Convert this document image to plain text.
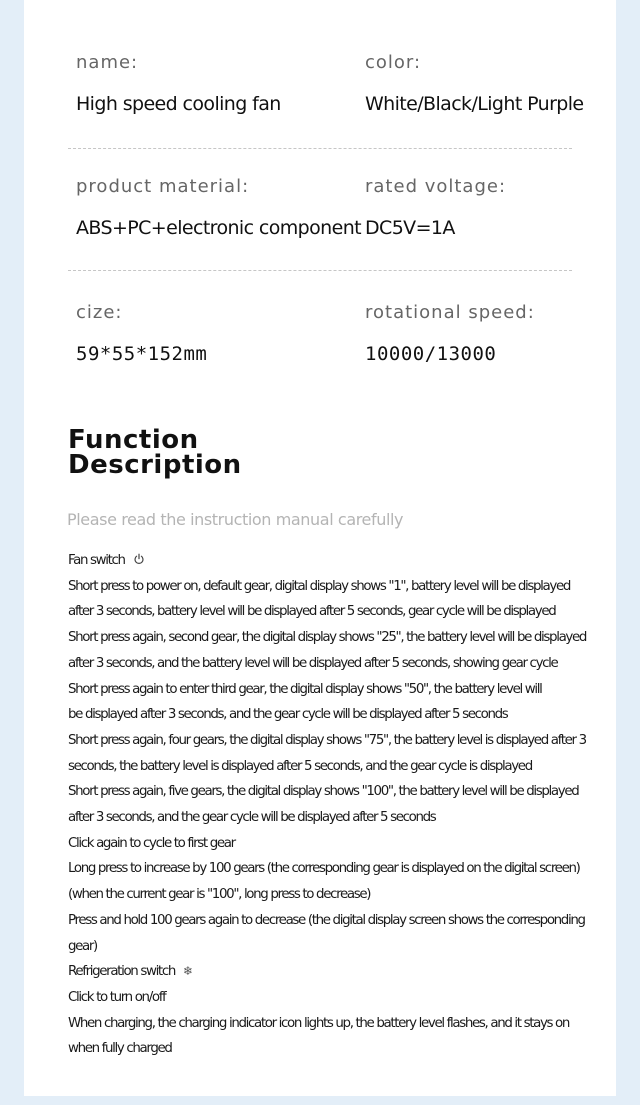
name:
High speed cooling fan
color:
White/Black/Light Purple
product material:
ABS+PC+electronic component
rated voltage:
DC5V=1A
cize:
59*55*152mm
rotational speed:
10000/13000
Function
Description
Please read the instruction manual carefully
Fan switch
Short press to power on, default gear, digital display shows "1", battery level will be displayed
after 3 seconds, battery level will be displayed after 5 seconds, gear cycle will be displayed
Short press again, second gear, the digital display shows "25", the battery level will be displayed
after 3 seconds, and the battery level will be displayed after 5 seconds, showing gear cycle
Short press again to enter third gear, the digital display shows "50", the battery level will
be displayed after 3 seconds, and the gear cycle will be displayed after 5 seconds
Short press again, four gears, the digital display shows "75", the battery level is displayed after 3
seconds, the battery level is displayed after 5 seconds, and the gear cycle is displayed
Short press again, five gears, the digital display shows "100", the battery level will be displayed
after 3 seconds, and the gear cycle will be displayed after 5 seconds
Click again to cycle to first gear
Long press to increase by 100 gears (the corresponding gear is displayed on the digital screen)
(when the current gear is "100", long press to decrease)
Press and hold 100 gears again to decrease (the digital display screen shows the corresponding
gear)
Refrigeration switch ❄
Click to turn on/off
When charging, the charging indicator icon lights up, the battery level flashes, and it stays on
when fully charged
